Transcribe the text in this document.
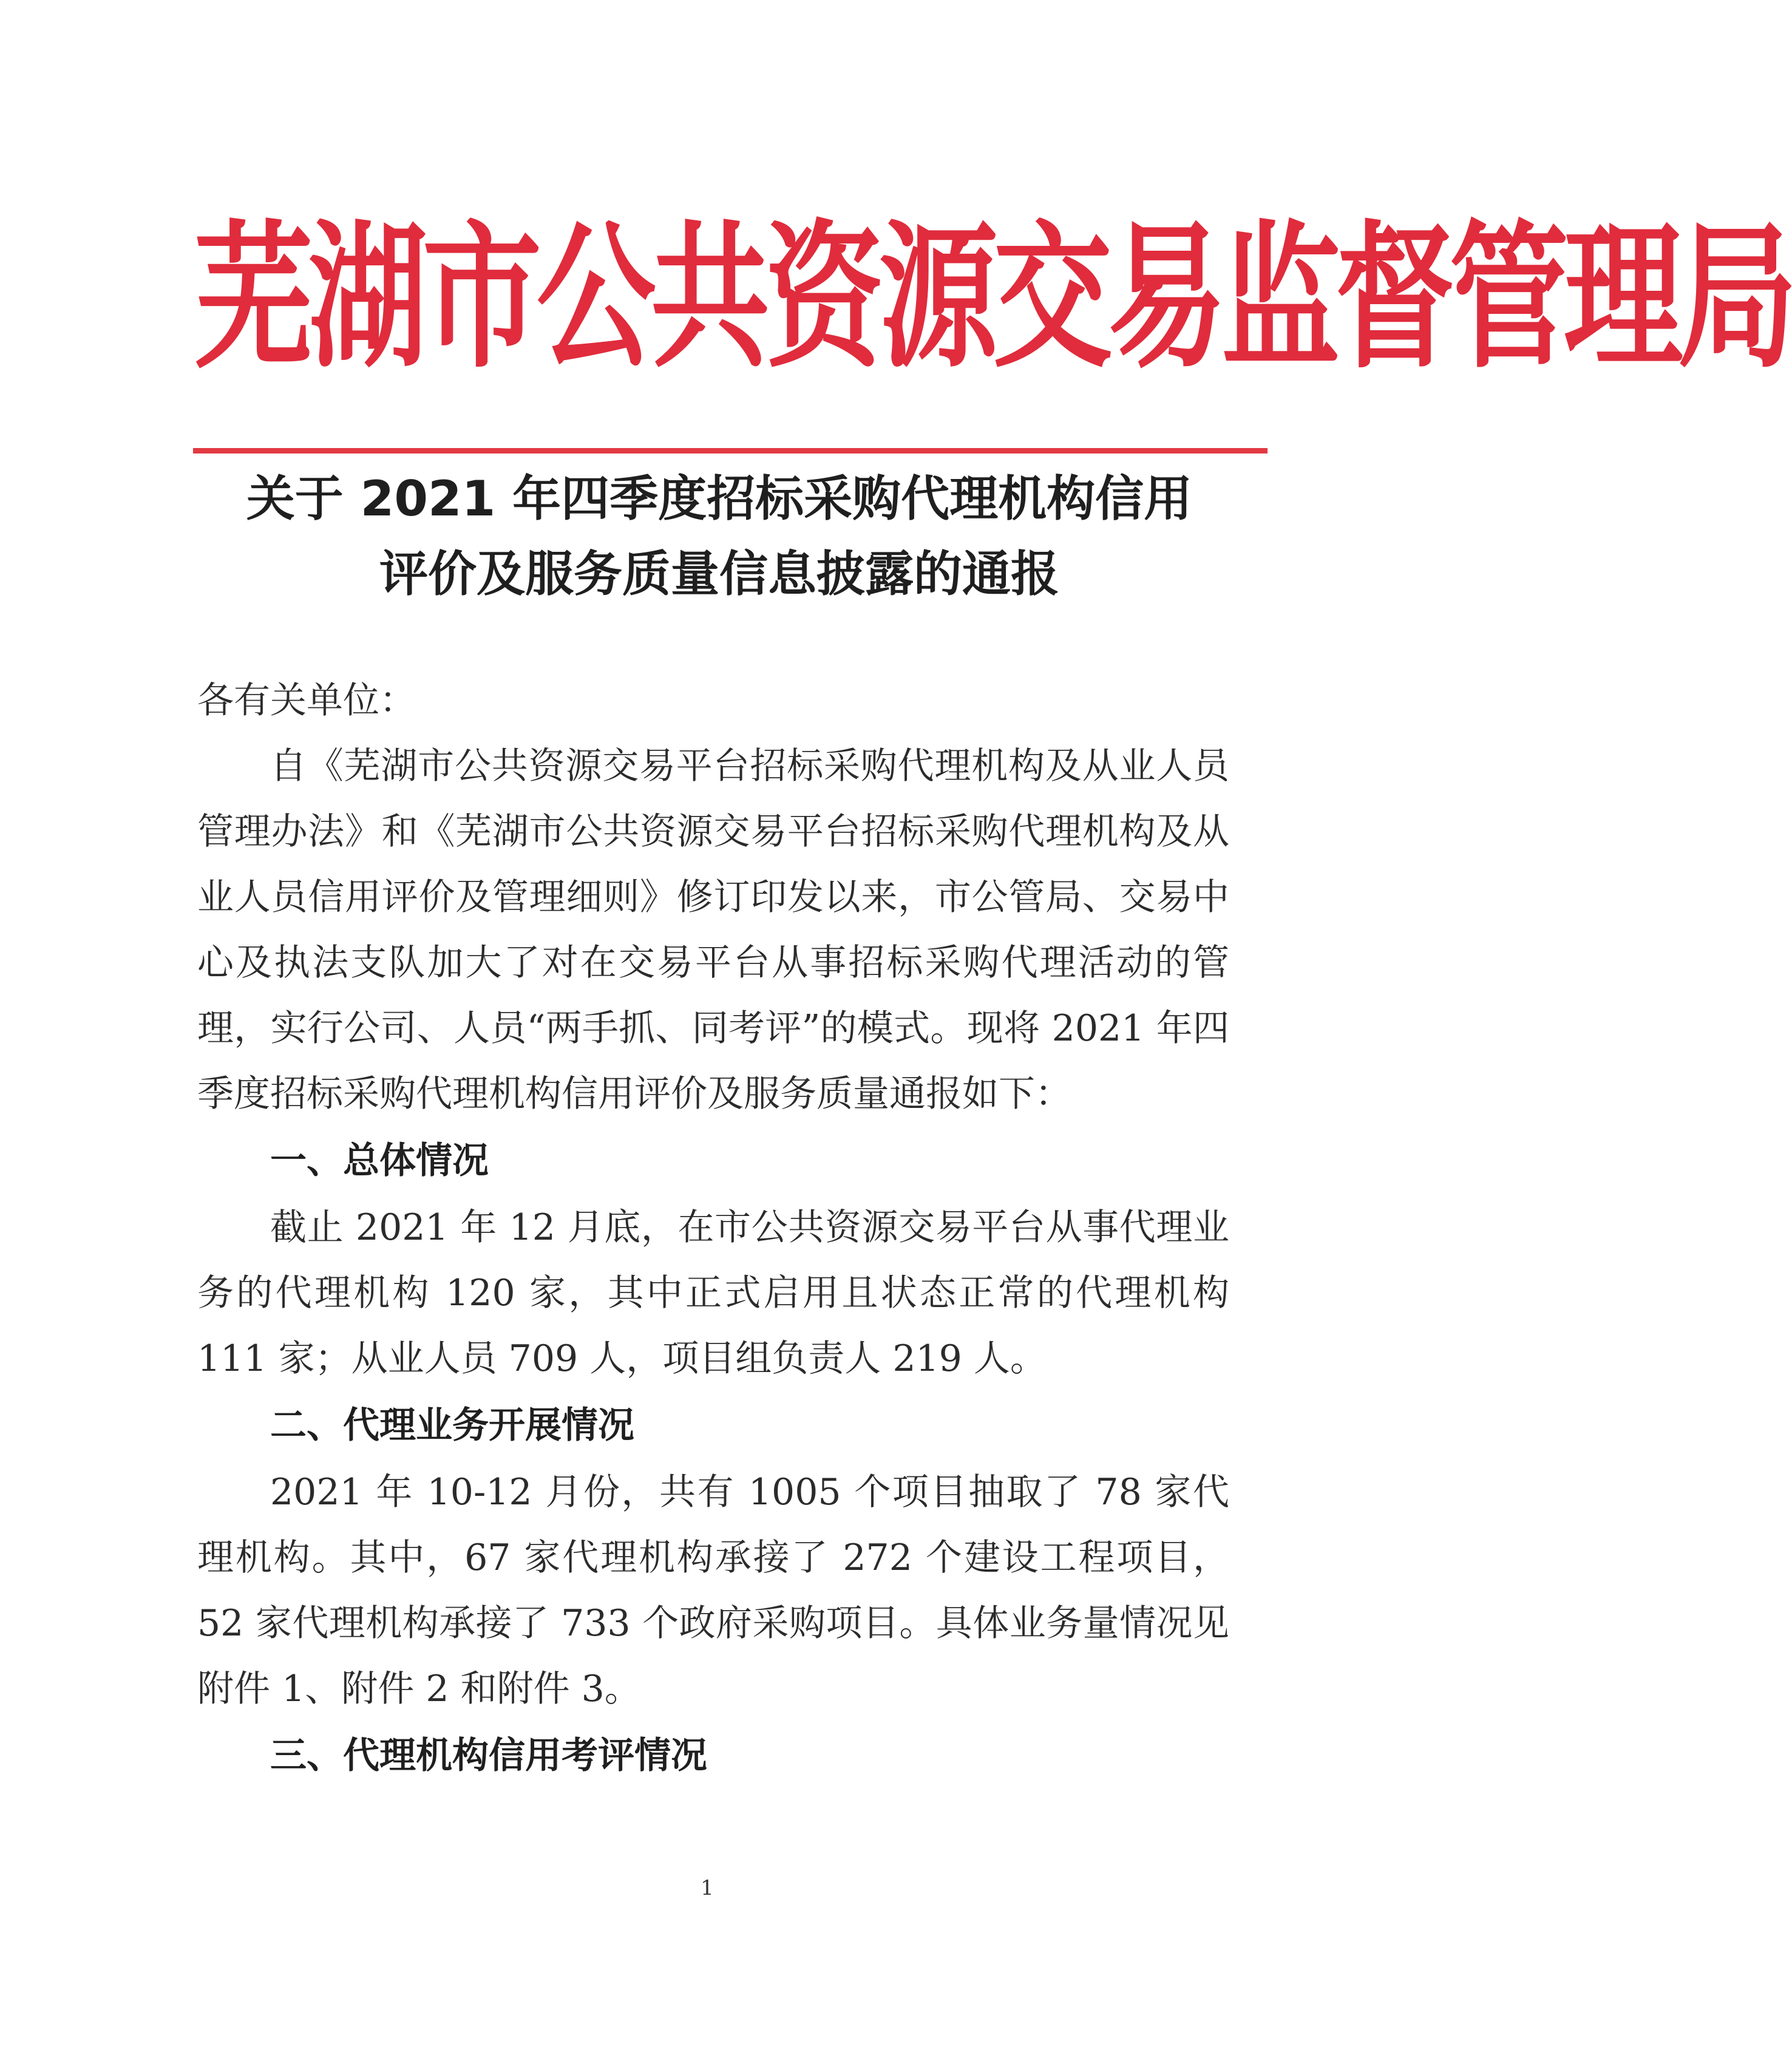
芜湖市公共资源交易监督管理局
关于 2021 年四季度招标采购代理机构信用
评价及服务质量信息披露的通报

各有关单位：

自《芜湖市公共资源交易平台招标采购代理机构及从业人员管理办法》和《芜湖市公共资源交易平台招标采购代理机构及从业人员信用评价及管理细则》修订印发以来，市公管局、交易中心及执法支队加大了对在交易平台从事招标采购代理活动的管理，实行公司、人员“两手抓、同考评”的模式。现将 2021 年四季度招标采购代理机构信用评价及服务质量通报如下：

一、总体情况

截止 2021 年 12 月底，在市公共资源交易平台从事代理业务的代理机构 120 家，其中正式启用且状态正常的代理机构 111 家；从业人员 709 人，项目组负责人 219 人。

二、代理业务开展情况

2021 年 10-12 月份，共有 1005 个项目抽取了 78 家代理机构。其中，67 家代理机构承接了 272 个建设工程项目，52 家代理机构承接了 733 个政府采购项目。具体业务量情况见附件 1、附件 2 和附件 3。

三、代理机构信用考评情况
1
